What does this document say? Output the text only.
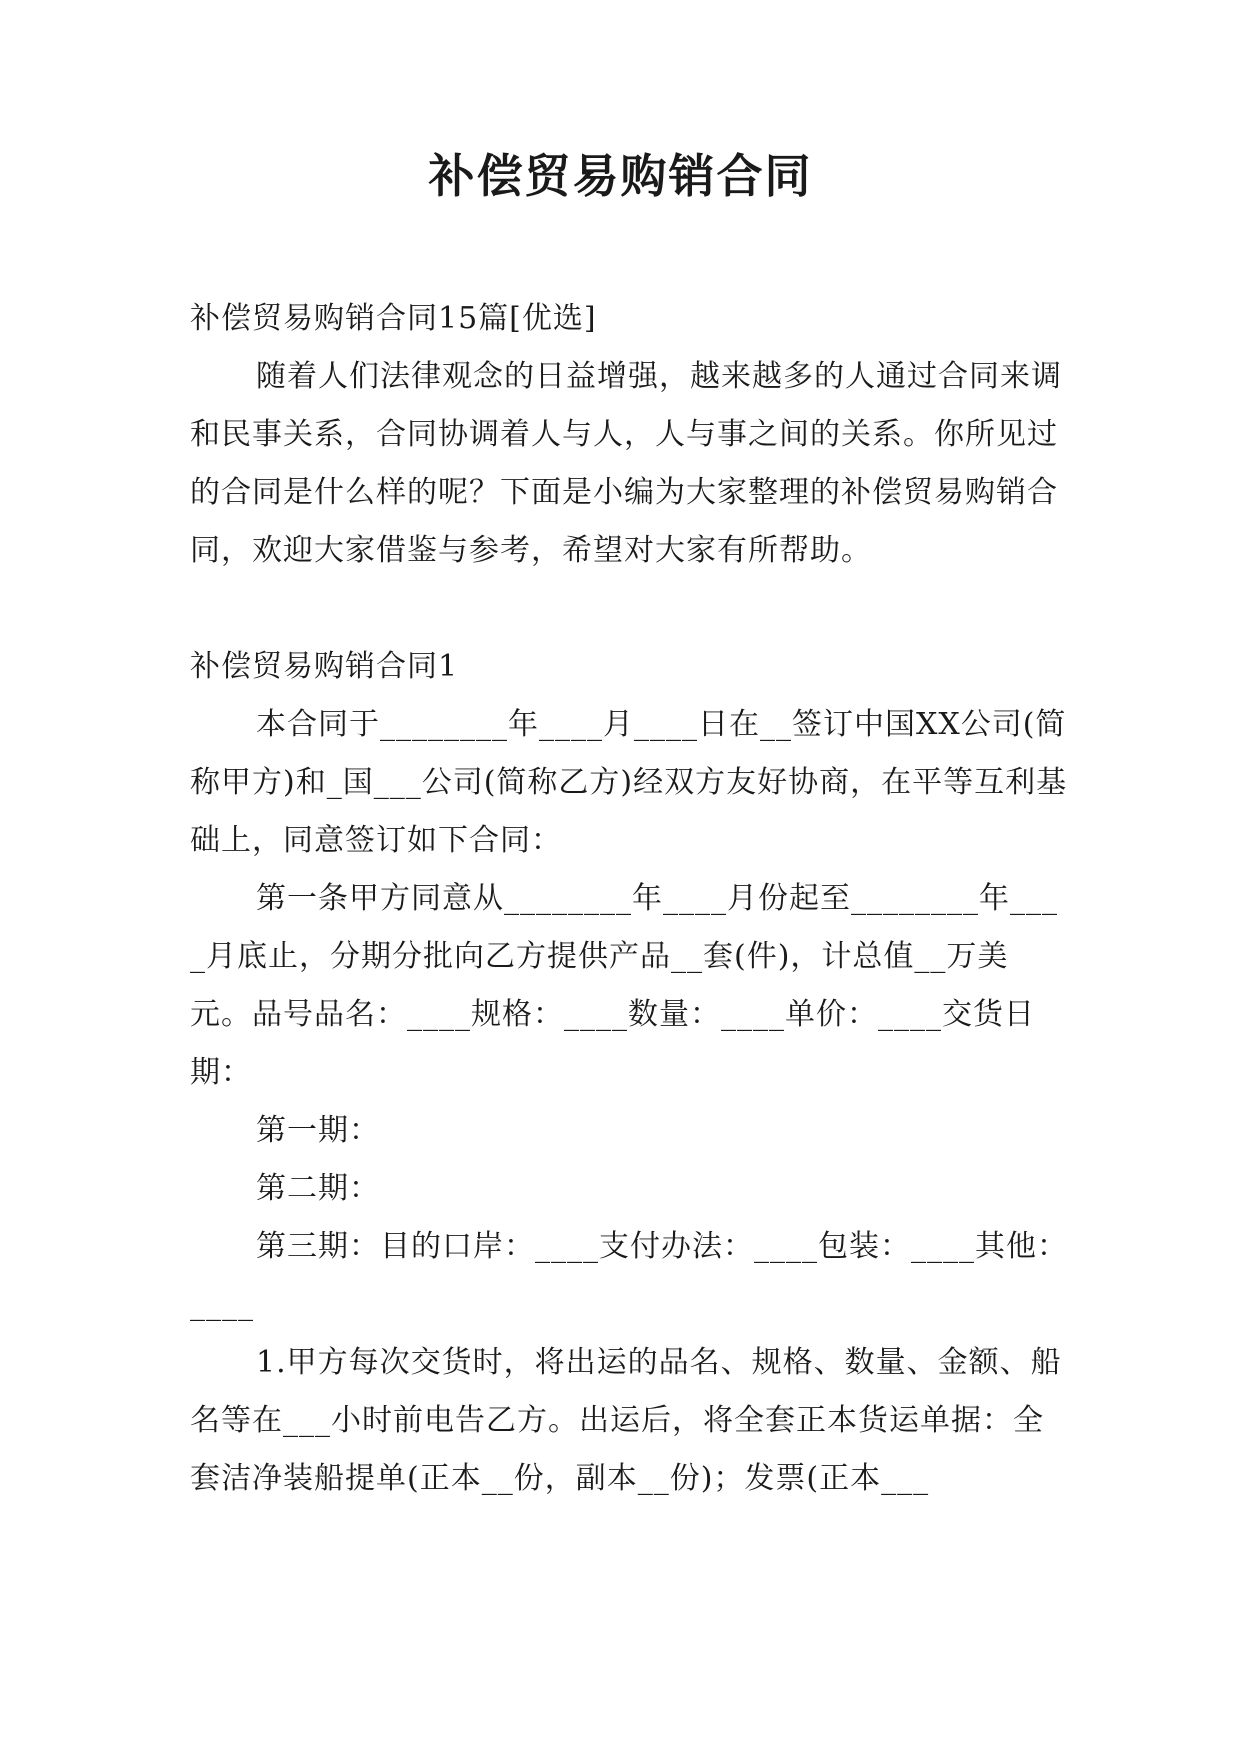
补偿贸易购销合同

补偿贸易购销合同15篇[优选]

随着人们法律观念的日益增强，越来越多的人通过合同来调和民事关系，合同协调着人与人，人与事之间的关系。你所见过的合同是什么样的呢？下面是小编为大家整理的补偿贸易购销合同，欢迎大家借鉴与参考，希望对大家有所帮助。

补偿贸易购销合同1

本合同于________年____月____日在__签订中国XX公司(简称甲方)和_国___公司(简称乙方)经双方友好协商，在平等互利基础上，同意签订如下合同：

第一条甲方同意从________年____月份起至________年____月底止，分期分批向乙方提供产品__套(件)，计总值__万美元。品号品名：____规格：____数量：____单价：____交货日期：

第一期：

第二期：

第三期：目的口岸：____支付办法：____包装：____其他：____

1.甲方每次交货时，将出运的品名、规格、数量、金额、船名等在___小时前电告乙方。出运后，将全套正本货运单据：全套洁净装船提单(正本__份，副本__份)；发票(正本___
